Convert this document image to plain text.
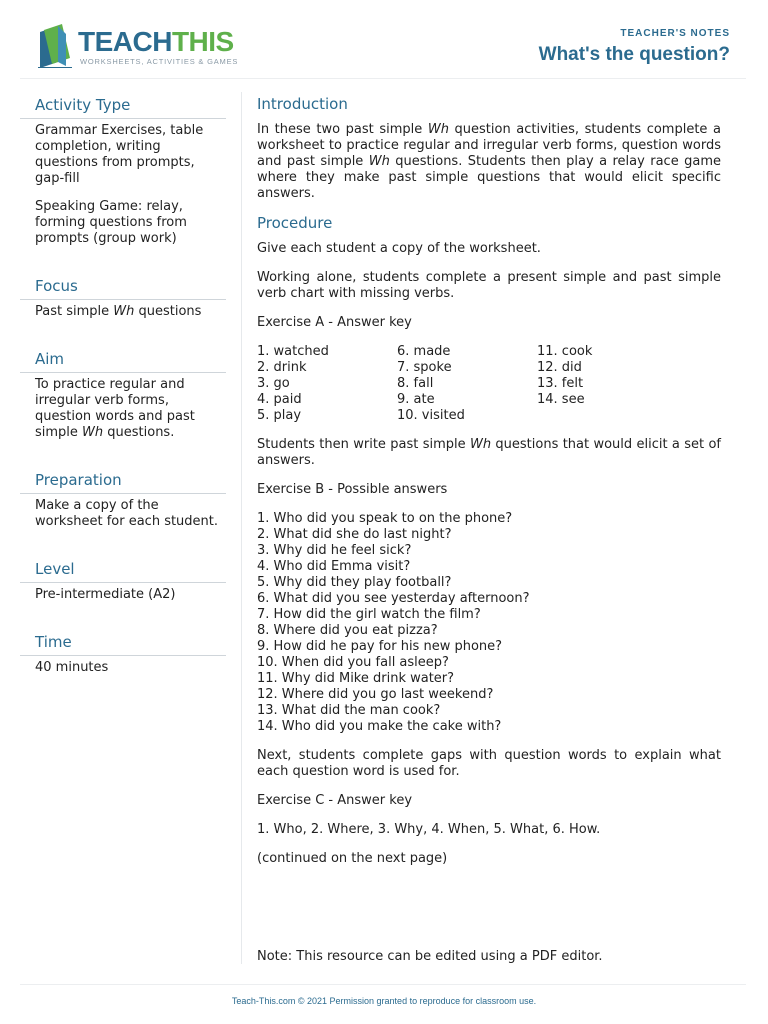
TEACHTHIS
WORKSHEETS, ACTIVITIES & GAMES
TEACHER'S NOTES
What's the question?
Activity Type

Grammar Exercises, table completion, writing questions from prompts, gap-fill

Speaking Game: relay, forming questions from prompts (group work)

Focus

Past simple Wh questions

Aim

To practice regular and irregular verb forms, question words and past simple Wh questions.

Preparation

Make a copy of the worksheet for each student.

Level

Pre-intermediate (A2)

Time

40 minutes

Introduction

In these two past simple Wh question activities, students complete a worksheet to practice regular and irregular verb forms, question words and past simple Wh questions. Students then play a relay race game where they make past simple questions that would elicit specific answers.

Procedure

Give each student a copy of the worksheet.

Working alone, students complete a present simple and past simple verb chart with missing verbs.

Exercise A - Answer key

1. watched
2. drink
3. go
4. paid
5. play
6. made
7. spoke
8. fall
9. ate
10. visited
11. cook
12. did
13. felt
14. see

Students then write past simple Wh questions that would elicit a set of answers.

Exercise B - Possible answers

1. Who did you speak to on the phone?
2. What did she do last night?
3. Why did he feel sick?
4. Who did Emma visit?
5. Why did they play football?
6. What did you see yesterday afternoon?
7. How did the girl watch the film?
8. Where did you eat pizza?
9. How did he pay for his new phone?
10. When did you fall asleep?
11. Why did Mike drink water?
12. Where did you go last weekend?
13. What did the man cook?
14. Who did you make the cake with?

Next, students complete gaps with question words to explain what each question word is used for.

Exercise C - Answer key

1. Who, 2. Where, 3. Why, 4. When, 5. What, 6. How.

(continued on the next page)

Note: This resource can be edited using a PDF editor.
Teach-This.com © 2021 Permission granted to reproduce for classroom use.
